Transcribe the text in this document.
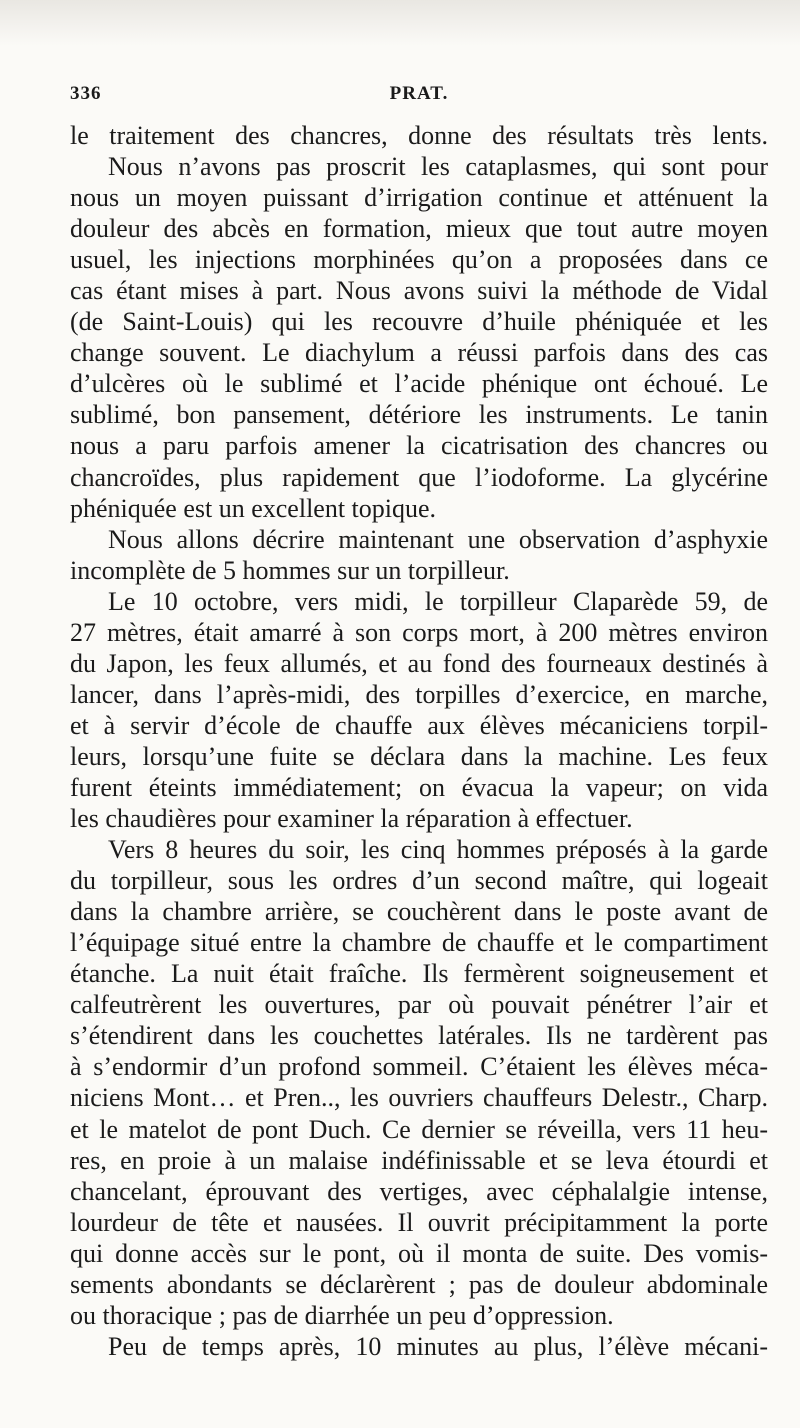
336	PRAT.
le traitement des chancres, donne des résultats très lents.
Nous n’avons pas proscrit les cataplasmes, qui sont pour
nous un moyen puissant d’irrigation continue et atténuent la
douleur des abcès en formation, mieux que tout autre moyen
usuel, les injections morphinées qu’on a proposées dans ce
cas étant mises à part. Nous avons suivi la méthode de Vidal
(de Saint-Louis) qui les recouvre d’huile phéniquée et les
change souvent. Le diachylum a réussi parfois dans des cas
d’ulcères où le sublimé et l’acide phénique ont échoué. Le
sublimé, bon pansement, détériore les instruments. Le tanin
nous a paru parfois amener la cicatrisation des chancres ou
chancroïdes, plus rapidement que l’iodoforme. La glycérine
phéniquée est un excellent topique.
Nous allons décrire maintenant une observation d’asphyxie
incomplète de 5 hommes sur un torpilleur.
Le 10 octobre, vers midi, le torpilleur Claparède 59, de
27 mètres, était amarré à son corps mort, à 200 mètres environ
du Japon, les feux allumés, et au fond des fourneaux destinés à
lancer, dans l’après-midi, des torpilles d’exercice, en marche,
et à servir d’école de chauffe aux élèves mécaniciens torpil-
leurs, lorsqu’une fuite se déclara dans la machine. Les feux
furent éteints immédiatement; on évacua la vapeur; on vida
les chaudières pour examiner la réparation à effectuer.
Vers 8 heures du soir, les cinq hommes préposés à la garde
du torpilleur, sous les ordres d’un second maître, qui logeait
dans la chambre arrière, se couchèrent dans le poste avant de
l’équipage situé entre la chambre de chauffe et le compartiment
étanche. La nuit était fraîche. Ils fermèrent soigneusement et
calfeutrèrent les ouvertures, par où pouvait pénétrer l’air et
s’étendirent dans les couchettes latérales. Ils ne tardèrent pas
à s’endormir d’un profond sommeil. C’étaient les élèves méca-
niciens Mont… et Pren.., les ouvriers chauffeurs Delestr., Charp.
et le matelot de pont Duch. Ce dernier se réveilla, vers 11 heu-
res, en proie à un malaise indéfinissable et se leva étourdi et
chancelant, éprouvant des vertiges, avec céphalalgie intense,
lourdeur de tête et nausées. Il ouvrit précipitamment la porte
qui donne accès sur le pont, où il monta de suite. Des vomis-
sements abondants se déclarèrent ; pas de douleur abdominale
ou thoracique ; pas de diarrhée un peu d’oppression.
Peu de temps après, 10 minutes au plus, l’élève mécani-
